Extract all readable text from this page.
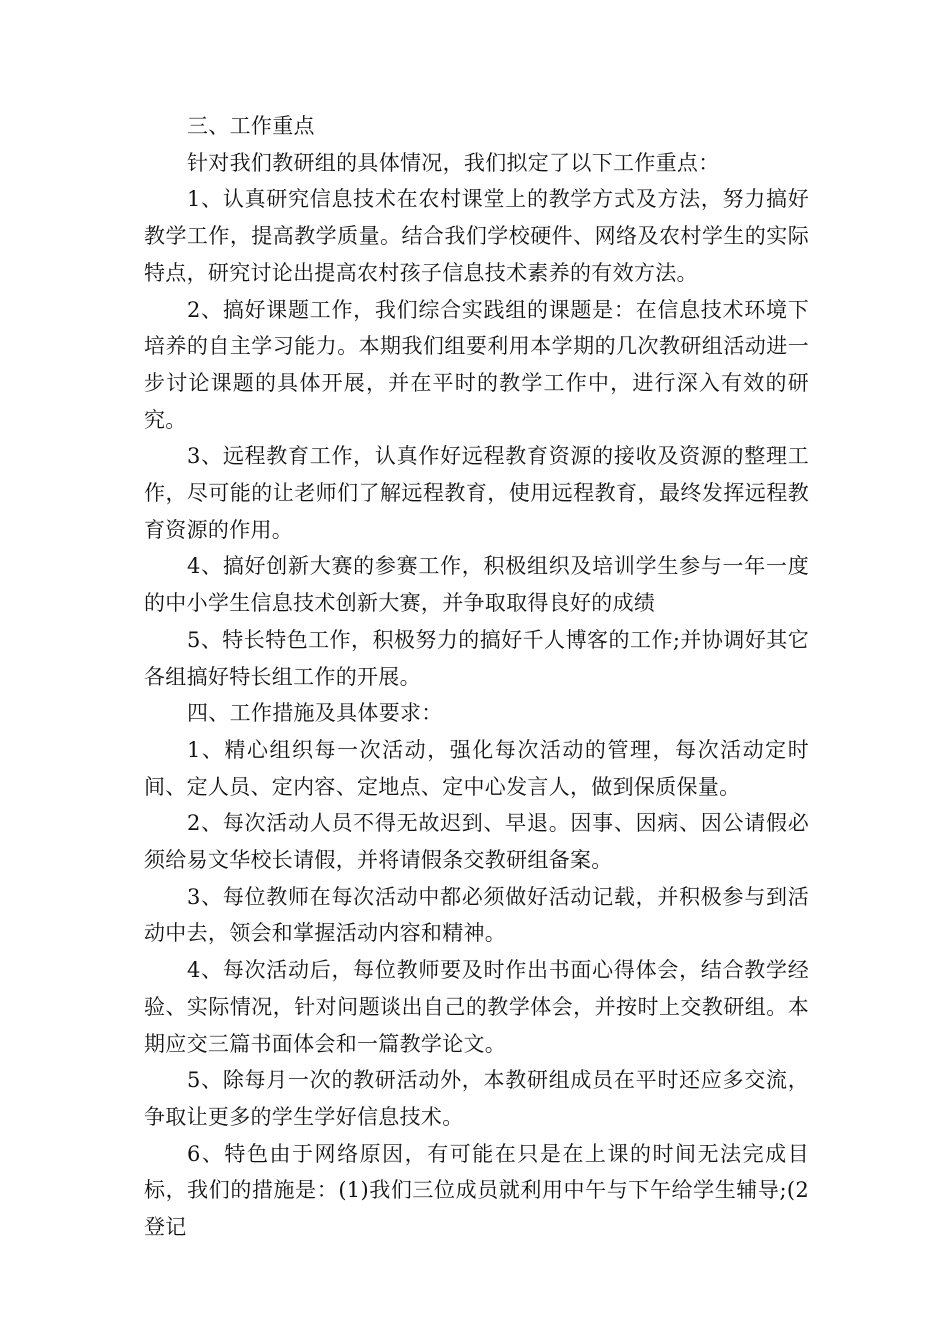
三、工作重点

针对我们教研组的具体情况，我们拟定了以下工作重点：

1、认真研究信息技术在农村课堂上的教学方式及方法，努力搞好教学工作，提高教学质量。结合我们学校硬件、网络及农村学生的实际特点，研究讨论出提高农村孩子信息技术素养的有效方法。

2、搞好课题工作，我们综合实践组的课题是：在信息技术环境下培养的自主学习能力。本期我们组要利用本学期的几次教研组活动进一步讨论课题的具体开展，并在平时的教学工作中，进行深入有效的研究。

3、远程教育工作，认真作好远程教育资源的接收及资源的整理工作，尽可能的让老师们了解远程教育，使用远程教育，最终发挥远程教育资源的作用。

4、搞好创新大赛的参赛工作，积极组织及培训学生参与一年一度的中小学生信息技术创新大赛，并争取取得良好的成绩

5、特长特色工作，积极努力的搞好千人博客的工作;并协调好其它各组搞好特长组工作的开展。

四、工作措施及具体要求：

1、精心组织每一次活动，强化每次活动的管理，每次活动定时间、定人员、定内容、定地点、定中心发言人，做到保质保量。

2、每次活动人员不得无故迟到、早退。因事、因病、因公请假必须给易文华校长请假，并将请假条交教研组备案。

3、每位教师在每次活动中都必须做好活动记载，并积极参与到活动中去，领会和掌握活动内容和精神。

4、每次活动后，每位教师要及时作出书面心得体会，结合教学经验、实际情况，针对问题谈出自己的教学体会，并按时上交教研组。本期应交三篇书面体会和一篇教学论文。

5、除每月一次的教研活动外，本教研组成员在平时还应多交流，争取让更多的学生学好信息技术。

6、特色由于网络原因，有可能在只是在上课的时间无法完成目标，我们的措施是：(1)我们三位成员就利用中午与下午给学生辅导;(2登记
